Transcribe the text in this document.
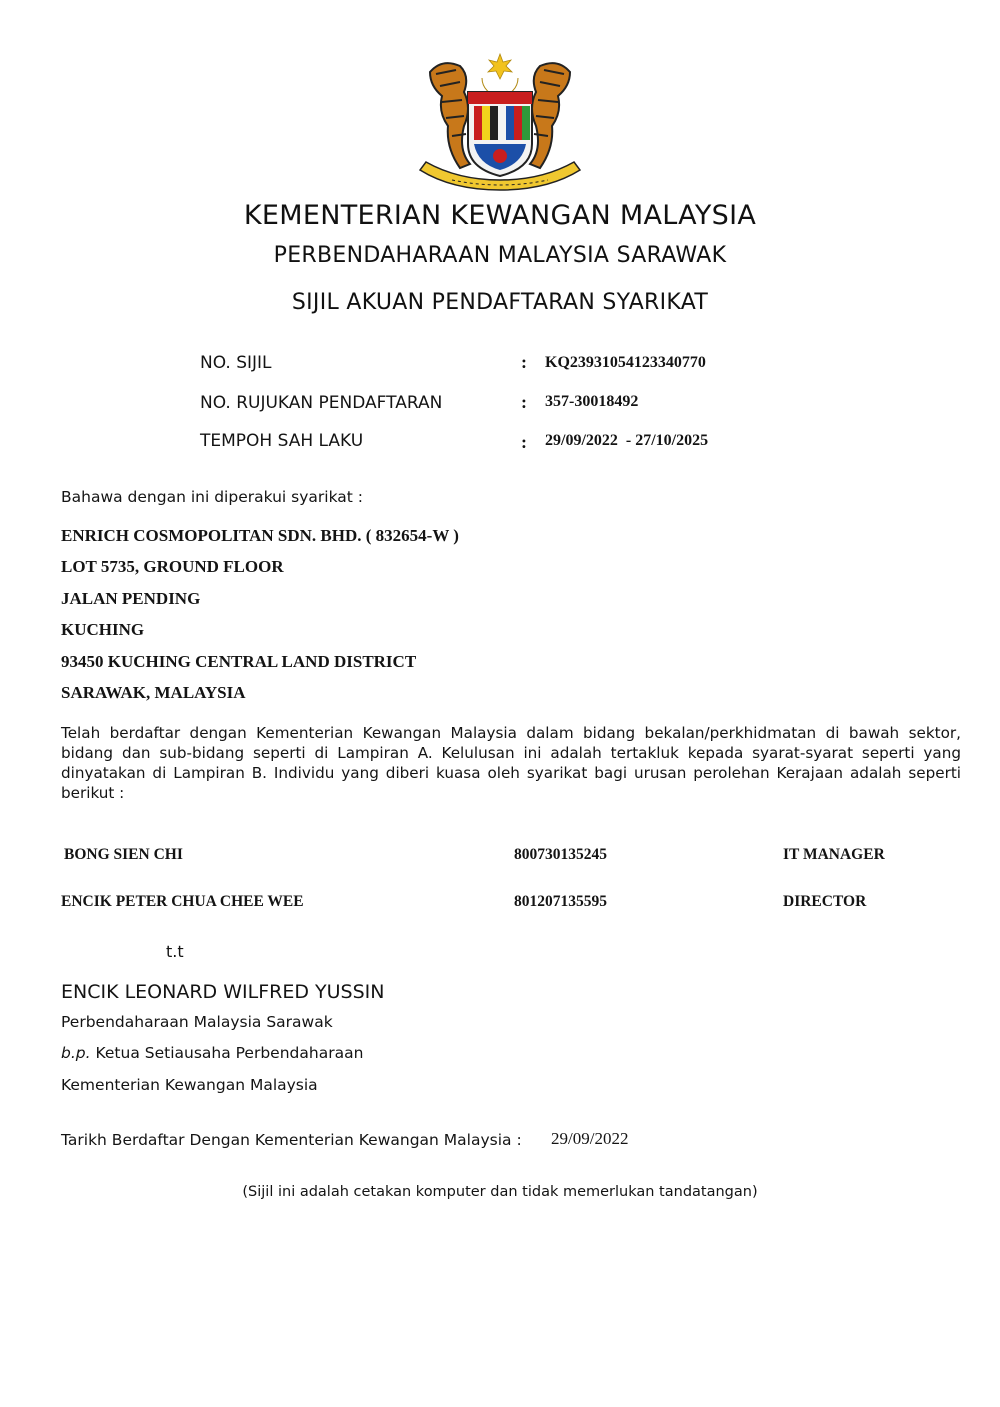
KEMENTERIAN KEWANGAN MALAYSIA
PERBENDAHARAAN MALAYSIA SARAWAK
SIJIL AKUAN PENDAFTARAN SYARIKAT
NO. SIJIL	: KQ23931054123340770
NO. RUJUKAN PENDAFTARAN	: 357-30018492
TEMPOH SAH LAKU	: 29/09/2022  - 27/10/2025
Bahawa dengan ini diperakui syarikat :
ENRICH COSMOPOLITAN SDN. BHD. ( 832654-W )
LOT 5735, GROUND FLOOR
JALAN PENDING
KUCHING
93450 KUCHING CENTRAL LAND DISTRICT
SARAWAK, MALAYSIA
Telah berdaftar dengan Kementerian Kewangan Malaysia dalam bidang bekalan/perkhidmatan di bawah sektor, bidang dan sub-bidang seperti di Lampiran A. Kelulusan ini adalah tertakluk kepada syarat-syarat seperti yang dinyatakan di Lampiran B. Individu yang diberi kuasa oleh syarikat bagi urusan perolehan Kerajaan adalah seperti berikut :
BONG SIEN CHI	800730135245	IT MANAGER
ENCIK PETER CHUA CHEE WEE	801207135595	DIRECTOR
t.t
ENCIK LEONARD WILFRED YUSSIN
Perbendaharaan Malaysia Sarawak
b.p. Ketua Setiausaha Perbendaharaan
Kementerian Kewangan Malaysia
Tarikh Berdaftar Dengan Kementerian Kewangan Malaysia : 29/09/2022
(Sijil ini adalah cetakan komputer dan tidak memerlukan tandatangan)
